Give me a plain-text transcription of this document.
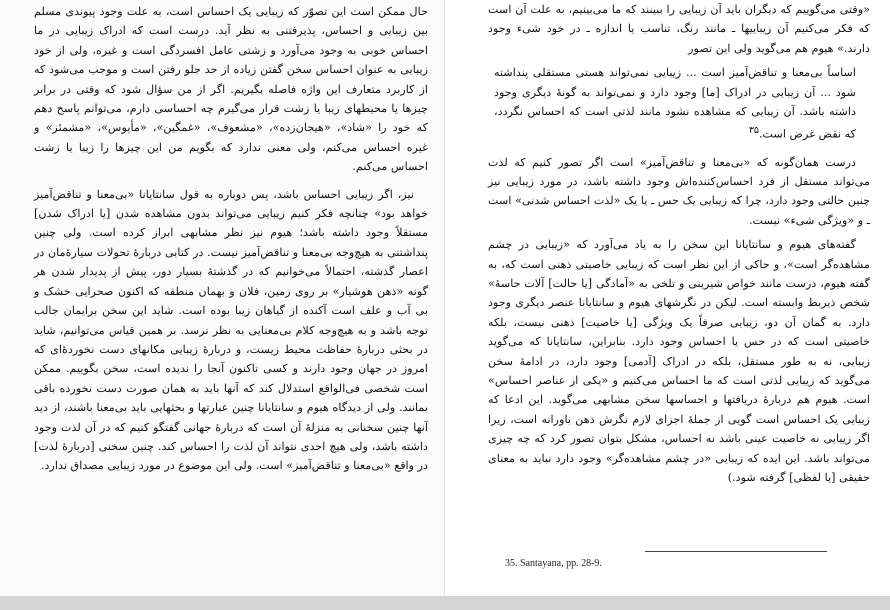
حال ممکن است این تصوّر که زیبایی یک احساس است، به علت وجود پیوندی مسلم بین زیبایی و احساس، پذیرفتنی به نظر آید. درست است که ادراک زیبایی در ما احساس خوبی به وجود می‌آورد و زشتی عامل افسردگی است و غیره، ولی از خود زیبایی به عنوان احساس سخن گفتن زیاده از حد جلو رفتن است و موجب می‌شود که از کاربرد متعارف این واژه فاصله بگیریم. اگر از من سؤال شود که وقتی در برابر چیزها یا محیطهای زیبا یا زشت قرار می‌گیرم چه احساسی دارم، می‌توانم پاسخ دهم که خود را «شاد»، «هیجان‌زده»، «مشعوف»، «غمگین»، «مأیوس»، «مشمئز» و غیره احساس می‌کنم، ولی معنی ندارد که بگویم من این چیزها را زیبا یا زشت احساس می‌کنم.

نیز، اگر زیبایی احساس باشد، پس دوباره به قول سانتایانا «بی‌معنا و تناقض‌آمیز خواهد بود» چنانچه فکر کنیم زیبایی می‌تواند بدون مشاهده شدن [یا ادراک شدن] مستقلاً وجود داشته باشد؛ هیوم نیز نظر مشابهی ابراز کرده است. ولی چنین پنداشتنی به هیچ‌وجه بی‌معنا و تناقض‌آمیز نیست. در کتابی دربارهٔ تحولات سیارهٔ‌مان در اعصار گذشته، احتمالاً می‌خوانیم که در گذشتهٔ بسیار دور، پیش از پدیدار شدن هر گونه «ذهن هوشیار» بر روی زمین، فلان و بهمان منطقه که اکنون صحرایی خشک و بی آب و علف است آکنده از گیاهان زیبا بوده است. شاید این سخن برایمان جالب توجه باشد و به هیچ‌وجه کلام بی‌معنایی به نظر نرسد. بر همین قیاس می‌توانیم، شاید در بحثی دربارهٔ حفاظت محیط زیست، و دربارهٔ زیبایی مکانهای دست نخوردهٔ‌ای که امروز در جهان وجود دارند و کسی تاکنون آنجا را ندیده است، سخن بگوییم. ممکن است شخصی فی‌الواقع استدلال کند که آنها باید به همان صورت دست نخورده باقی بمانند. ولی از دیدگاه هیوم و سانتایانا چنین عبارتها و بحثهایی باید بی‌معنا باشند، از دید آنها چنین سخنانی به منزلهٔ آن است که دربارهٔ جهانی گفتگو کنیم که در آن لذت وجود داشته باشد، ولی هیچ احدی نتواند آن لذت را احساس کند. چنین سخنی [دربارهٔ لذت] در واقع «بی‌معنا و تناقض‌آمیز» است. ولی این موضوع در مورد زیبایی مصداق ندارد.

«وقتی می‌گوییم که دیگران باید آن زیبایی را ببینند که ما می‌بینیم، به علت آن است که فکر می‌کنیم آن زیباییها ـ مانند رنگ، تناسب یا اندازه ـ در خود شیء وجود دارند.» هیوم هم می‌گوید ولی این تصور

اساساً بی‌معنا و تناقض‌آمیز است ... زیبایی نمی‌تواند هستی مستقلی پنداشته شود ... آن زیبایی در ادراک [ما] وجود دارد و نمی‌تواند به گونهٔ دیگری وجود داشته باشد. آن زیبایی که مشاهده نشود مانند لذتی است که احساس نگردد، که نقض غرض است.$^{۳۵}$

درست همان‌گونه که «بی‌معنا و تناقض‌آمیز» است اگر تصور کنیم که لذت می‌تواند مستقل از فرد احساس‌کننده‌اش وجود داشته باشد، در مورد زیبایی نیز چنین حالتی وجود دارد، چرا که زیبایی یک حس ـ یا یک «لذت احساس شدنی» است ـ و «ویژگی شیء» نیست.

گفته‌های هیوم و سانتایانا این سخن را به یاد می‌آورد که «زیبایی در چشم مشاهده‌گر است»، و حاکی از این نظر است که زیبایی خاصیتی ذهنی است که، به گفته هیوم، درست مانند خواص شیرینی و تلخی به «آمادگی [یا حالت] آلات حاسهٔ» شخص ذیربط وابسته است. لیکن در نگرشهای هیوم و سانتایانا عنصر دیگری وجود دارد. به گمان آن دو، زیبایی صرفاً یک ویژگی [یا خاصیت] ذهنی نیست، بلکه خاصیتی است که در حس یا احساس وجود دارد. بنابراین، سانتایانا که می‌گوید زیبایی، نه به طور مستقل، بلکه در ادراک [آدمی] وجود دارد، در ادامهٔ سخن می‌گوید که زیبایی لذتی است که ما احساس می‌کنیم و «یکی از عناصر احساس» است. هیوم هم دربارهٔ دریافتها و احساسها سخن مشابهی می‌گوید. این ادعا که زیبایی یک احساس است گویی از جملهٔ اجزای لازم نگرش ذهن باورانه است، زیرا اگر زیبایی نه خاصیت عینی باشد نه احساس، مشکل بتوان تصور کرد که چه چیزی می‌تواند باشد. این ایده که زیبایی «در چشم مشاهده‌گر» وجود دارد نباید به معنای حقیقی [یا لفظی] گرفته شود.)

35. Santayana, pp. 28-9.
